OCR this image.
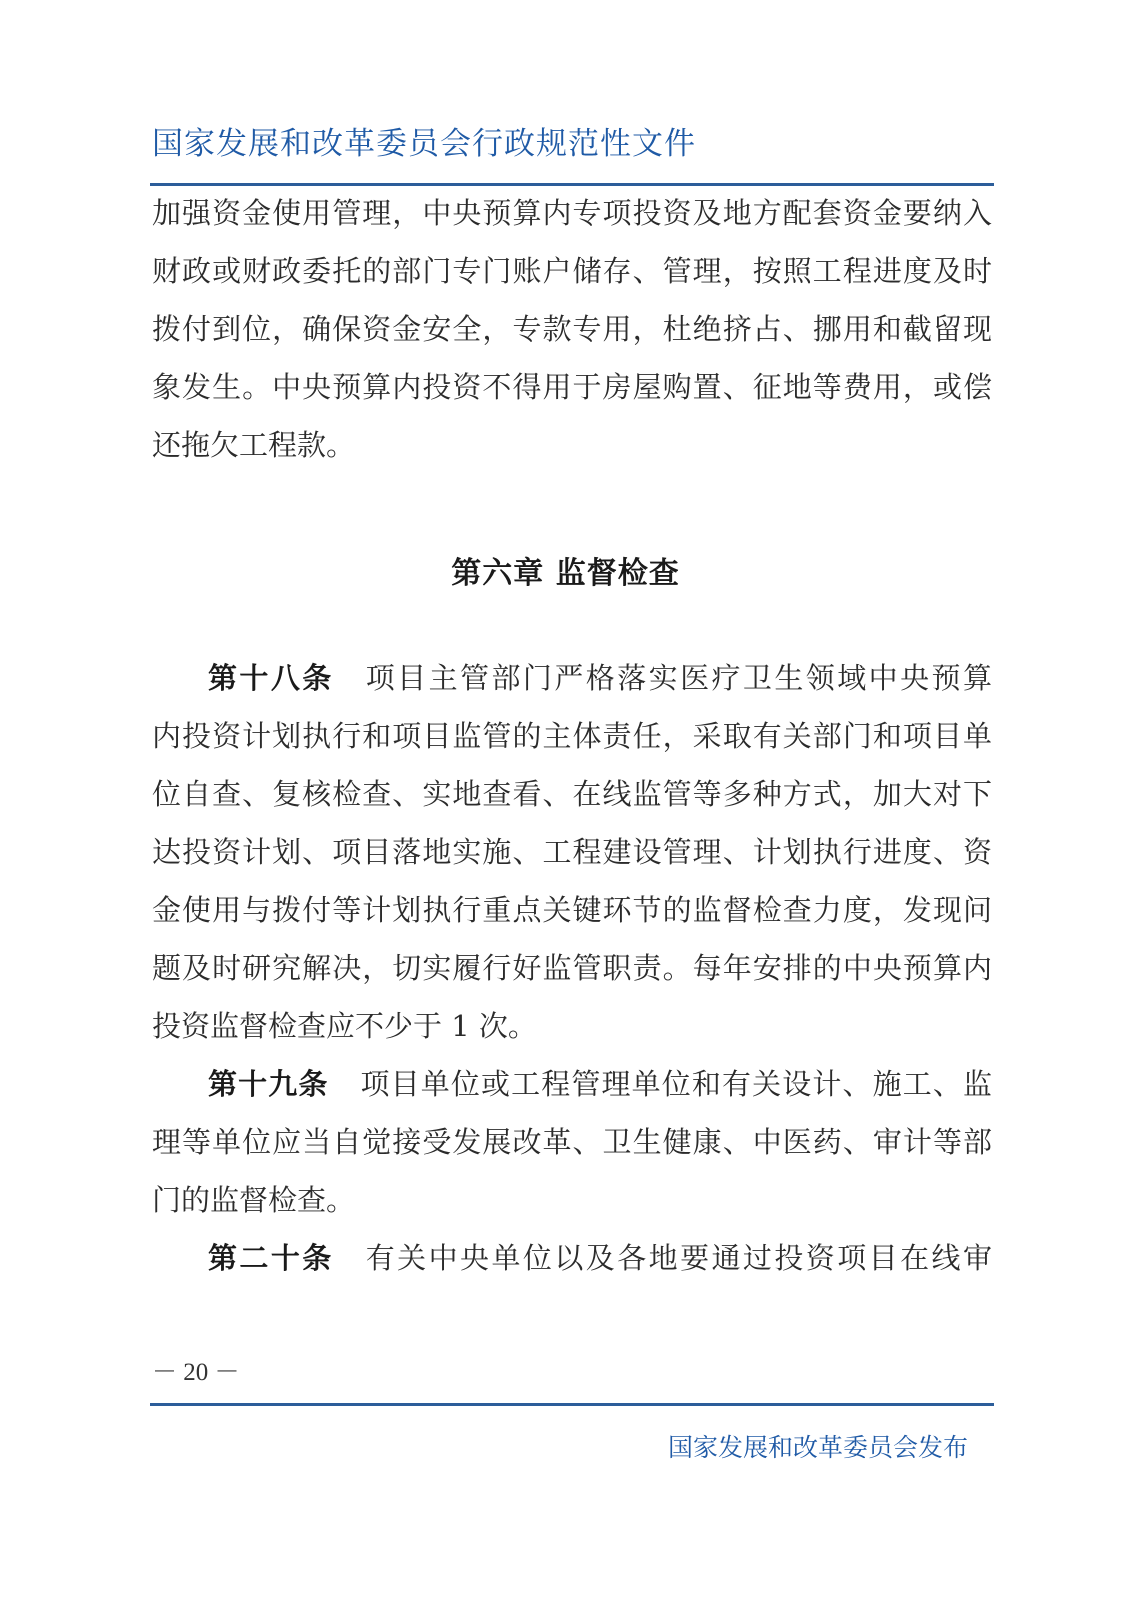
国家发展和改革委员会行政规范性文件
加强资金使用管理，中央预算内专项投资及地方配套资金要纳入
财政或财政委托的部门专门账户储存、管理，按照工程进度及时
拨付到位，确保资金安全，专款专用，杜绝挤占、挪用和截留现
象发生。中央预算内投资不得用于房屋购置、征地等费用，或偿
还拖欠工程款。
第六章 监督检查
第十八条 项目主管部门严格落实医疗卫生领域中央预算
内投资计划执行和项目监管的主体责任，采取有关部门和项目单
位自查、复核检查、实地查看、在线监管等多种方式，加大对下
达投资计划、项目落地实施、工程建设管理、计划执行进度、资
金使用与拨付等计划执行重点关键环节的监督检查力度，发现问
题及时研究解决，切实履行好监管职责。每年安排的中央预算内
投资监督检查应不少于 1 次。
第十九条 项目单位或工程管理单位和有关设计、施工、监
理等单位应当自觉接受发展改革、卫生健康、中医药、审计等部
门的监督检查。
第二十条 有关中央单位以及各地要通过投资项目在线审
－ 20 －
国家发展和改革委员会发布
